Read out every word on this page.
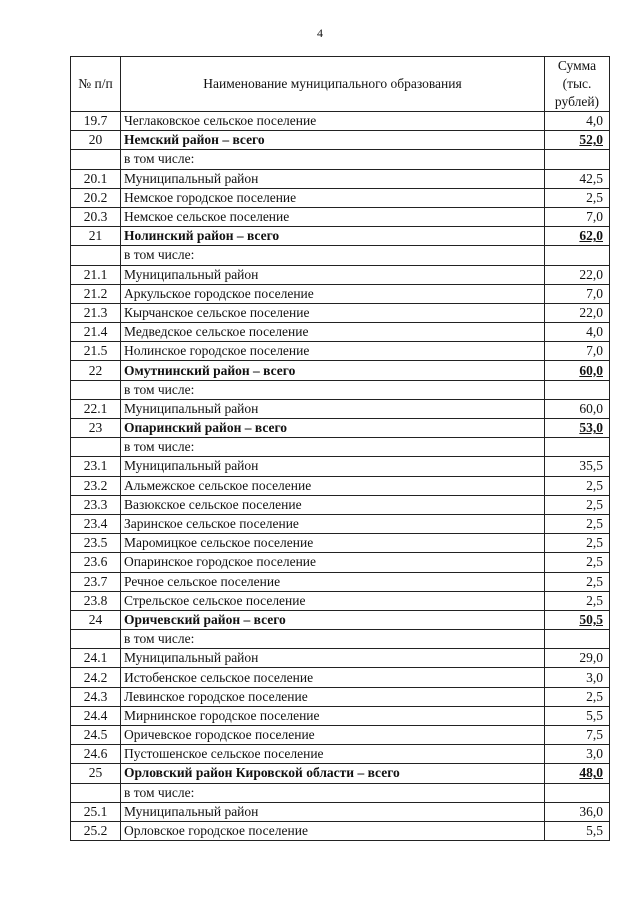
4
№ п/п	Наименование муниципального образования	Сумма (тыс. рублей)
19.7	Чеглаковское сельское поселение	4,0
20	Немский район – всего	52,0
	в том числе:	
20.1	Муниципальный район	42,5
20.2	Немское городское поселение	2,5
20.3	Немское сельское поселение	7,0
21	Нолинский район – всего	62,0
	в том числе:	
21.1	Муниципальный район	22,0
21.2	Аркульское городское поселение	7,0
21.3	Кырчанское сельское поселение	22,0
21.4	Медведское сельское поселение	4,0
21.5	Нолинское городское поселение	7,0
22	Омутнинский район – всего	60,0
	в том числе:	
22.1	Муниципальный район	60,0
23	Опаринский район – всего	53,0
	в том числе:	
23.1	Муниципальный район	35,5
23.2	Альмежское сельское поселение	2,5
23.3	Вазюкское сельское поселение	2,5
23.4	Заринское сельское поселение	2,5
23.5	Маромицкое сельское поселение	2,5
23.6	Опаринское городское поселение	2,5
23.7	Речное сельское поселение	2,5
23.8	Стрельское сельское поселение	2,5
24	Оричевский район – всего	50,5
	в том числе:	
24.1	Муниципальный район	29,0
24.2	Истобенское сельское поселение	3,0
24.3	Левинское городское поселение	2,5
24.4	Мирнинское городское поселение	5,5
24.5	Оричевское городское поселение	7,5
24.6	Пустошенское сельское поселение	3,0
25	Орловский район Кировской области – всего	48,0
	в том числе:	
25.1	Муниципальный район	36,0
25.2	Орловское городское поселение	5,5
